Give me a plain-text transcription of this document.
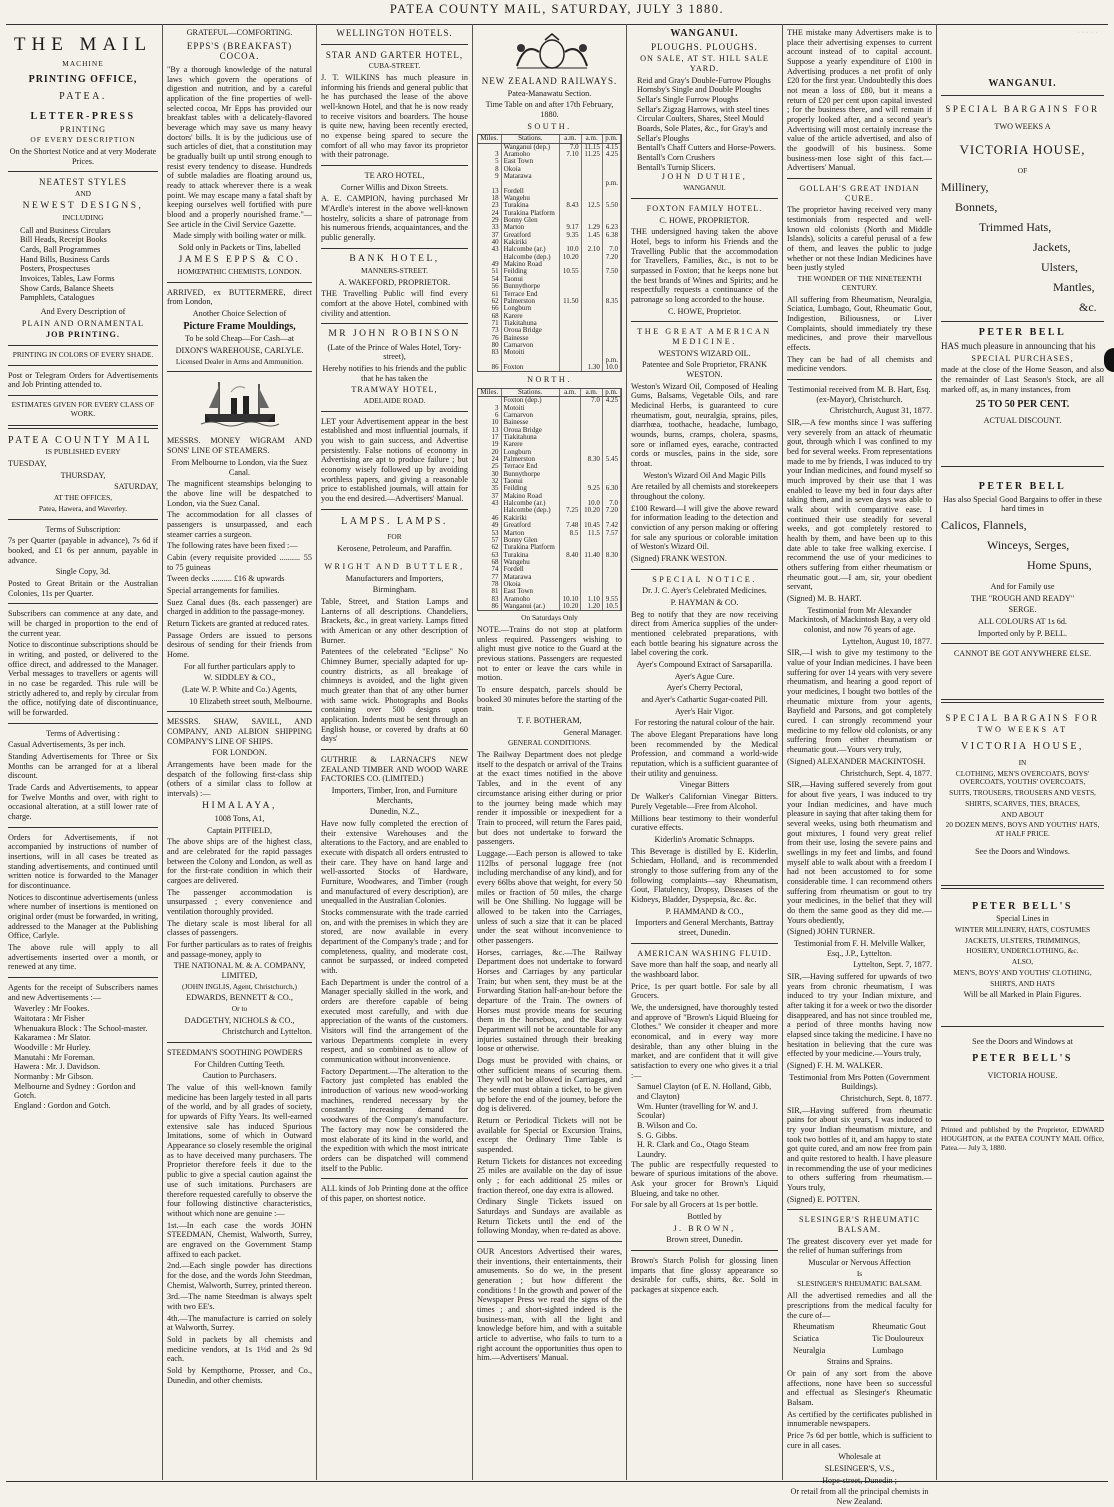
PATEA COUNTY MAIL, SATURDAY, JULY 3 1880.
· · · · ·
THE MAIL

MACHINE

PRINTING OFFICE,

PATEA.

LETTER-PRESS

PRINTING

OF EVERY DESCRIPTION

On the Shortest Notice and at very Moderate Prices.

NEATEST STYLES

AND

NEWEST DESIGNS,

INCLUDING

Call and Business Circulars

Bill Heads, Receipt Books

Cards, Ball Programmes

Hand Bills, Business Cards

Posters, Prospectuses

Invoices, Tables, Law Forms

Show Cards, Balance Sheets

Pamphlets, Catalogues

And Every Description of

PLAIN AND ORNAMENTAL

JOB PRINTING.

PRINTING IN COLORS OF EVERY SHADE.

Post or Telegram Orders for Advertisements and Job Printing attended to.

ESTIMATES GIVEN FOR EVERY CLASS OF WORK.

PATEA COUNTY MAIL

IS PUBLISHED EVERY

TUESDAY,

THURSDAY,

SATURDAY,

AT THE OFFICES,

Patea, Hawera, and Waverley.

Terms of Subscription:

7s per Quarter (payable in advance), 7s 6d if booked, and £1 6s per annum, payable in advance.

Single Copy, 3d.

Posted to Great Britain or the Australian Colonies, 11s per Quarter.

Subscribers can commence at any date, and will be charged in proportion to the end of the current year.

Notice to discontinue subscriptions should be in writing, and posted, or delivered to the office direct, and addressed to the Manager. Verbal messages to travellers or agents will in no case be regarded. This rule will be strictly adhered to, and reply by circular from the office, notifying date of discontinuance, will be forwarded.

Terms of Advertising :

Casual Advertisements, 3s per inch.

Standing Advertisements for Three or Six Months can be arranged for at a liberal discount.

Trade Cards and Advertisements, to appear for Twelve Months and over, with right to occasional alteration, at a still lower rate of charge.

Orders for Advertisements, if not accompanied by instructions of number of insertions, will in all cases be treated as standing advertisements, and continued until written notice is forwarded to the Manager for discontinuance.

Notices to discontinue advertisements (unless where number of insertions is mentioned on original order (must be forwarded, in writing, addressed to the Manager at the Publishing Office, Carlyle.

The above rule will apply to all advertisements inserted over a month, or renewed at any time.

Agents for the receipt of Subscribers names and new Advertisements :—

Waverley : Mr Fookes.

Waitotara : Mr Fisher

Whenuakura Block : The School-master.

Kakaramea : Mr Slator.

Woodville : Mr Hurley.

Manutahi : Mr Foreman.

Hawera : Mr. J. Davidson.

Normanby : Mr Gibson.

Melbourne and Sydney : Gordon and Gotch.

England : Gordon and Gotch.

GRATEFUL—COMFORTING.

EPPS'S (BREAKFAST) COCOA.

"By a thorough knowledge of the natural laws which govern the operations of digestion and nutrition, and by a careful application of the fine properties of well-selected cocoa, Mr Epps has provided our breakfast tables with a delicately-flavored beverage which may save us many heavy doctors' bills. It is by the judicious use of such articles of diet, that a constitution may be gradually built up until strong enough to resist every tendency to disease. Hundreds of subtle maladies are floating around us, ready to attack wherever there is a weak point. We may escape many a fatal shaft by keeping ourselves well fortified with pure blood and a properly nourished frame."—See article in the Civil Service Gazette.

Made simply with boiling water or milk.

Sold only in Packets or Tins, labelled

JAMES EPPS & CO.

HOMŒPATHIC CHEMISTS, LONDON.

ARRIVED, ex BUTTERMERE, direct from London,

Another Choice Selection of

Picture Frame Mouldings,

To be sold Cheap—For Cash—at

DIXON'S WAREHOUSE, CARLYLE.

Licensed Dealer in Arms and Ammunition.

MESSRS. MONEY WIGRAM AND SONS' LINE OF STEAMERS.

From Melbourne to London, via the Suez Canal.

The magnificent steamships belonging to the above line will be despatched to London, via the Suez Canal.

The accommodation for all classes of passengers is unsurpassed, and each steamer carries a surgeon.

The following rates have been fixed :—

Cabin (every requisite provided .......... 55 to 75 guineas

Tween decks .......... £16 & upwards

Special arrangements for families.

Suez Canal dues (8s. each passenger) are charged in addition to the passage-money.

Return Tickets are granted at reduced rates.

Passage Orders are issued to persons desirous of sending for their friends from Home.

For all further particulars apply to

W. SIDDLEY & CO.,

(Late W. P. White and Co.) Agents,

10 Elizabeth street south, Melbourne.

MESSRS. SHAW, SAVILL, AND COMPANY, AND ALBION SHIPPING COMPANY'S LINE OF SHIPS.

FOR LONDON.

Arrangements have been made for the despatch of the following first-class ship (others of a similar class to follow at intervals) :—

HIMALAYA,

1008 Tons, A1,

Captain PITFIELD,

The above ships are of the highest class, and are celebrated for the rapid passages between the Colony and London, as well as for the first-rate condition in which their cargoes are delivered.

The passenger accommodation is unsurpassed ; every convenience and ventilation thoroughly provided.

The dietary scale is most liberal for all classes of passengers.

For further particulars as to rates of freights and passage-money, apply to

THE NATIONAL M. & A. COMPANY, LIMITED,

(JOHN INGLIS, Agent, Christchurch,)

EDWARDS, BENNETT & CO.,

Or to

DADGETHY, NICHOLS & CO.,

Christchurch and Lyttelton.

STEEDMAN'S SOOTHING POWDERS

For Children Cutting Teeth.

Caution to Purchasers.

The value of this well-known family medicine has been largely tested in all parts of the world, and by all grades of society, for upwards of Fifty Years. Its well-earned extensive sale has induced Spurious Imitations, some of which in Outward Appearance so closely resemble the original as to have deceived many purchasers. The Proprietor therefore feels it due to the public to give a special caution against the use of such imitations. Purchasers are therefore requested carefully to observe the four following distinctive characteristics, without which none are genuine :—

1st.—In each case the words JOHN STEEDMAN, Chemist, Walworth, Surrey, are engraved on the Government Stamp affixed to each packet.

2nd.—Each single powder has directions for the dose, and the words John Steedman, Chemist, Walworth, Surrey, printed thereon.

3rd.—The name Steedman is always spelt with two EE's.

4th.—The manufacture is carried on solely at Walworth, Surrey.

Sold in packets by all chemists and medicine vendors, at 1s 1½d and 2s 9d each.

Sold by Kempthorne, Prosser, and Co., Dunedin, and other chemists.

WELLINGTON HOTELS.

STAR AND GARTER HOTEL,

CUBA-STREET.

J. T. WILKINS has much pleasure in informing his friends and general public that he has purchased the lease of the above well-known Hotel, and that he is now ready to receive visitors and boarders. The house is quite new, having been recently erected, no expense being spared to secure the comfort of all who may favor its proprietor with their patronage.

TE ARO HOTEL,

Corner Willis and Dixon Streets.

A. E. CAMPION, having purchased Mr M'Ardle's interest in the above well-known hostelry, solicits a share of patronage from his numerous friends, acquaintances, and the public generally.

BANK HOTEL,

MANNERS-STREET.

A. WAKEFORD, PROPRIETOR.

THE Travelling Public will find every comfort at the above Hotel, combined with civility and attention.

MR JOHN ROBINSON

(Late of the Prince of Wales Hotel, Tory-street),

Hereby notifies to his friends and the public that he has taken the

TRAMWAY HOTEL,

ADELAIDE ROAD.

LET your Advertisement appear in the best established and most influential journals, if you wish to gain success, and Advertise persistently. False notions of economy in Advertising are apt to produce failure ; but economy wisely followed up by avoiding worthless papers, and giving a reasonable price to established journals, will attain for you the end desired.—Advertisers' Manual.

LAMPS. LAMPS.

FOR

Kerosene, Petroleum, and Paraffin.

WRIGHT AND BUTTLER,

Manufacturers and Importers,

Birmingham.

Table, Street, and Station Lamps and Lanterns of all descriptions. Chandeliers, Brackets, &c., in great variety. Lamps fitted with American or any other description of Burner.

Patentees of the celebrated "Eclipse" No Chimney Burner, specially adapted for up-country districts, as all breakage of chimneys is avoided, and the light given much greater than that of any other burner with same wick. Photographs and Books containing over 500 designs upon application. Indents must be sent through an English house, or covered by drafts at 60 days'

GUTHRIE & LARNACH'S NEW ZEALAND TIMBER AND WOOD WARE FACTORIES CO. (LIMITED.)

Importers, Timber, Iron, and Furniture Merchants,

Dunedin, N.Z.,

Have now fully completed the erection of their extensive Warehouses and the alterations to the Factory, and are enabled to execute with dispatch all orders entrusted to their care. They have on hand large and well-assorted Stocks of Hardware, Furniture, Woodwares, and Timber (rough and manufactured of every description), are unequalled in the Australian Colonies.

Stocks commensurate with the trade carried on, and with the premises in which they are stored, are now available in every department of the Company's trade ; and for completeness, quality, and moderate cost, cannot be surpassed, or indeed competed with.

Each Department is under the control of a Manager specially skilled in the work, and orders are therefore capable of being executed most carefully, and with due appreciation of the wants of the customers. Visitors will find the arrangement of the various Departments complete in every respect, and so combined as to allow of communication without inconvenience.

Factory Department.—The alteration to the Factory just completed has enabled the introduction of various new wood-working machines, rendered necessary by the constantly increasing demand for woodwares of the Company's manufacture. The factory may now be considered the most elaborate of its kind in the world, and the expedition with which the most intricate orders can be dispatched will commend itself to the Public.

ALL kinds of Job Printing done at the office of this paper, on shortest notice.

NEW ZEALAND RAILWAYS.

Patea-Manawatu Section.

Time Table on and after 17th February, 1880.

SOUTH.

Miles.	Stations.	a.m.	a.m.	p.m.
	Wanganui (dep.)	7.0	11.15	4.15
3	Aramoho	7.10	11.25	4.25
5	East Town			
8	Okoia			
9	Matarawa			
				p.m.
13	Fordell			
18	Wangehu			
23	Turakina	8.43	12.5	5.50
24	Turakina Platform			
29	Bonny Glen			
33	Marton	9.17	1.29	6.23
37	Greatford	9.35	1.45	6.38
40	Kakiriki			
43	Halcombe (ar.)	10.0	2.10	7.0
	Halcombe (dep.)	10.20		7.20
49	Makino Road			
51	Feilding	10.55		7.50
54	Taonui			
56	Bunnythorpe			
61	Terrace End			
62	Palmerston	11.50		8.35
66	Longburn			
68	Karere			
71	Tiakitahuna			
73	Oroua Bridge			
76	Bainesse			
80	Carnarvon			
83	Motoiti			
				p.m.
86	Foxton		1.30	10.0

NORTH.

Miles.	Stations.	a.m.	a.m.	p.m.
	Foxton (dep.)		7.0	4.25
3	Motoiti			
6	Carnarvon			
10	Bainesse			
13	Oroua Bridge			
17	Tiakitahuna			
19	Karere			
20	Longburn			
24	Palmerston		8.30	5.45
25	Terrace End			
30	Bunnythorpe			
32	Taonui			
35	Feilding		9.25	6.30
37	Makino Road			
43	Halcombe (ar.)		10.0	7.0
	Halcombe (dep.)	7.25	10.20	7.20
46	Kakiriki			
49	Greatford	7.48	10.45	7.42
53	Marton	8.5	11.5	7.57
57	Bonny Glen			
62	Turakina Platform			
63	Turakina	8.40	11.40	8.30
68	Wangehu			
74	Fordell			
77	Matarawa			
78	Okoia			
81	East Town			
83	Aramoho	10.10	1.10	9.55
86	Wanganui (ar.)	10.20	1.20	10.5

On Saturdays Only

NOTE.—Trains do not stop at platform unless required. Passengers wishing to alight must give notice to the Guard at the previous stations. Passengers are requested not to enter or leave the cars while in motion.

To ensure despatch, parcels should be booked 30 minutes before the starting of the train.

T. F. BOTHERAM,

General Manager.

GENERAL CONDITIONS.

The Railway Department does not pledge itself to the despatch or arrival of the Trains at the exact times notified in the above Tables, and in the event of any circumstance arising either during or prior to the journey being made which may render it impossible or inexpedient for a Train to proceed, will return the Fares paid, but does not undertake to forward the passengers.

Luggage.—Each person is allowed to take 112lbs of personal luggage free (not including merchandise of any kind), and for every 66lbs above that weight, for every 50 miles or fraction of 50 miles, the charge will be One Shilling. No luggage will be allowed to be taken into the Carriages, unless of such a size that it can be placed under the seat without inconvenience to other passengers.

Horses, carriages, &c.—The Railway Department does not undertake to forward Horses and Carriages by any particular Train; but when sent, they must be at the Forwarding Station half-an-hour before the departure of the Train. The owners of Horses must provide means for securing them in the horsebox, and the Railway Department will not be accountable for any injuries sustained through their breaking loose or otherwise.

Dogs must be provided with chains, or other sufficient means of securing them. They will not be allowed in Carriages, and the sender must obtain a ticket, to be given up before the end of the journey, before the dog is delivered.

Return or Periodical Tickets will not be available for Special or Excursion Trains, except the Ordinary Time Table is suspended.

Return Tickets for distances not exceeding 25 miles are available on the day of issue only ; for each additional 25 miles or fraction thereof, one day extra is allowed.

Ordinary Single Tickets issued on Saturdays and Sundays are available as Return Tickets until the end of the following Monday, when re-dated as above.

OUR Ancestors Advertised their wares, their inventions, their entertainments, their amusements. So do we, in the present generation ; but how different the conditions ! In the growth and power of the Newspaper Press we read the signs of the times ; and short-sighted indeed is the business-man, with all the light and knowledge before him, and with a suitable article to advertise, who fails to turn to a right account the opportunities thus open to him.—Advertisers' Manual.

WANGANUI.

PLOUGHS. PLOUGHS.

ON SALE, AT ST. HILL SALE YARD.

Reid and Gray's Double-Furrow Ploughs

Hornsby's Single and Double Ploughs

Sellar's Single Furrow Ploughs

Sellar's Zigzag Harrows, with steel tines

Circular Coulters, Shares, Steel Mould Boards, Sole Plates, &c., for Gray's and Sellar's Ploughs

Bentall's Chaff Cutters and Horse-Powers.

Bentall's Corn Crushers

Bentall's Turnip Slicers.

JOHN DUTHIE,

WANGANUI.

FOXTON FAMILY HOTEL.

C. HOWE, PROPRIETOR.

THE undersigned having taken the above Hotel, begs to inform his Friends and the Travelling Public that the accommodation for Travellers, Families, &c., is not to be surpassed in Foxton; that he keeps none but the best brands of Wines and Spirits; and he respectfully requests a continuance of the patronage so long accorded to the house.

C. HOWE, Proprietor.

THE GREAT AMERICAN MEDICINE.

WESTON'S WIZARD OIL.

Patentee and Sole Proprietor, FRANK WESTON.

Weston's Wizard Oil, Composed of Healing Gums, Balsams, Vegetable Oils, and rare Medicinal Herbs, is guaranteed to cure rheumatism, gout, neuralgia, sprains, piles, diarrhœa, toothache, headache, lumbago, wounds, burns, cramps, cholera, spasms, sore or inflamed eyes, earache, contracted cords or muscles, pains in the side, sore throat.

Weston's Wizard Oil And Magic Pills

Are retailed by all chemists and storekeepers throughout the colony.

£100 Reward—I will give the above reward for information leading to the detection and conviction of any person making or offering for sale any spurious or colorable imitation of Weston's Wizard Oil.

(Signed) FRANK WESTON.

SPECIAL NOTICE.

Dr. J. C. Ayer's Celebrated Medicines.

P. HAYMAN & CO.

Beg to notify that they are now receiving direct from America supplies of the under-mentioned celebrated preparations, with each bottle bearing his signature across the label covering the cork.

Ayer's Compound Extract of Sarsaparilla.

Ayer's Ague Cure.

Ayer's Cherry Pectoral,

and Ayer's Cathartic Sugar-coated Pill.

Ayer's Hair Vigor.

For restoring the natural colour of the hair.

The above Elegant Preparations have long been recommended by the Medical Profession, and command a world-wide reputation, which is a sufficient guarantee of their utility and genuiness.

Vinegar Bitters

Dr Walker's Californian Vinegar Bitters. Purely Vegetable—Free from Alcohol.

Millions bear testimony to their wonderful curative effects.

Kiderlin's Aromatic Schnapps.

This Beverage is distilled by E. Kiderlin, Schiedam, Holland, and is recommended strongly to those suffering from any of the following complaints—say Rheumatism, Gout, Flatulency, Dropsy, Diseases of the Kidneys, Bladder, Dyspepsia, &c. &c.

P. HAMMAND & CO.,

Importers and General Merchants, Battray street, Dunedin.

AMERICAN WASHING FLUID.

Save more than half the soap, and nearly all the washboard labor.

Price, 1s per quart bottle. For sale by all Grocers.

We, the undersigned, have thoroughly tested and approve of "Brown's Liquid Blueing for Clothes." We consider it cheaper and more economical, and in every way more desirable, than any other bluing in the market, and are confident that it will give satisfaction to every one who gives it a trial :—

Samuel Clayton (of E. N. Holland, Gibb, and Clayton)

Wm. Hunter (travelling for W. and J. Scoular)

B. Wilson and Co.

S. G. Gibbs.

H. R. Clark and Co., Otago Steam Laundry.

The public are respectfully requested to beware of spurious imitations of the above. Ask your grocer for Brown's Liquid Blueing, and take no other.

For sale by all Grocers at 1s per bottle.

Bottled by

J. BROWN,

Brown street, Dunedin.

Brown's Starch Polish for glossing linen imparts that fine glossy appearance so desirable for cuffs, shirts, &c. Sold in packages at sixpence each.

THE mistake many Advertisers make is to place their advertising expenses to current account instead of to capital account. Suppose a yearly expenditure of £100 in Advertising produces a net profit of only £20 for the first year. Undoubtedly this does not mean a loss of £80, but it means a return of £20 per cent upon capital invested ; for the business there, and will remain if properly looked after, and a second year's Advertising will most certainly increase the value of the article advertised, and also of the goodwill of his business. Some business-men lose sight of this fact.—Advertisers' Manual.

GOLLAH'S GREAT INDIAN CURE.

The proprietor having received very many testimonials from respected and well-known old colonists (North and Middle Islands), solicits a careful perusal of a few of them, and leaves the public to judge whether or not these Indian Medicines have been justly styled

THE WONDER OF THE NINETEENTH CENTURY.

All suffering from Rheumatism, Neuralgia, Sciatica, Lumbago, Gout, Rheumatic Gout, Indigestion, Biliousness, or Liver Complaints, should immediately try these medicines, and prove their marvellous effects.

They can be had of all chemists and medicine vendors.

Testimonial received from M. B. Hart, Esq. (ex-Mayor), Christchurch.

Christchurch, August 31, 1877.

SIR,—A few months since I was suffering very severely from an attack of rheumatic gout, through which I was confined to my bed for several weeks. From representations made to me by friends, I was induced to try your Indian medicines, and found myself so much improved by their use that I was enabled to leave my bed in four days after taking them, and in seven days was able to walk about with comparative ease. I continued their use steadily for several weeks, and got completely restored to health by them, and have been up to this date able to take free walking exercise. I recommend the use of your medicines to others suffering from either rheumatism or rheumatic gout.—I am, sir, your obedient servant,

(Signed) M. B. HART.

Testimonial from Mr Alexander Mackintosh, of Mackintosh Bay, a very old colonist, and now 76 years of age.

Lyttelton, August 10, 1877.

SIR,—I wish to give my testimony to the value of your Indian medicines. I have been suffering for over 14 years with very severe rheumatism, and hearing a good report of your medicines, I bought two bottles of the rheumatic mixture from your agents, Bayfield and Parsons, and got completely cured. I can strongly recommend your medicine to my fellow old colonists, or any suffering from either rheumatism or rheumatic gout.—Yours very truly,

(Signed) ALEXANDER MACKINTOSH.

Christchurch, Sept. 4, 1877.

SIR,—Having suffered severely from gout for about five years, I was induced to try your Indian medicines, and have much pleasure in saying that after taking them for several weeks, using both rheumatism and gout mixtures, I found very great relief from their use, losing the severe pains and swellings in my feet and limbs, and found myself able to walk about with a freedom I had not been accustomed to for some considerable time. I can recommend others suffering from rheumatism or gout to try your medicines, in the belief that they will do them the same good as they did me.—Yours obediently,

(Signed) JOHN TURNER.

Testimonial from F. H. Melville Walker, Esq., J.P., Lyttelton.

Lyttelton, Sept. 7, 1877.

SIR,—Having suffered for upwards of two years from chronic rheumatism, I was induced to try your Indian mixture, and after taking it for a week or two the disorder disappeared, and has not since troubled me, a period of three months having now elapsed since taking the medicine. I have no hesitation in believing that the cure was effected by your medicine.—Yours truly,

(Signed) F. H. M. WALKER.

Testimonial from Mrs Potten (Government Buildings).

Christchurch, Sept. 8, 1877.

SIR,—Having suffered from rheumatic pains for about six years, I was induced to try your Indian rheumatism mixture, and took two bottles of it, and am happy to state got quite cured, and am now free from pain and quite restored to health. I have pleasure in recommending the use of your medicines to others suffering from rheumatism.—Yours truly,

(Signed) E. POTTEN.

SLESINGER'S RHEUMATIC BALSAM.

The greatest discovery ever yet made for the relief of human sufferings from

Muscular or Nervous Affection

Is

SLESINGER'S RHEUMATIC BALSAM.

All the advertised remedies and all the prescriptions from the medical faculty for the cure of—

Rheumatism

Sciatica

Neuralgia

Rheumatic Gout

Tic Douloureux

Lumbago

Strains and Sprains.

Or pain of any sort from the above affections, none have been so successful and effectual as Slesinger's Rheumatic Balsam.

As certified by the certificates published in innumerable newspapers.

Price 7s 6d per bottle, which is sufficient to cure in all cases.

Wholesale at

SLESINGER'S, V.S.,

Hope-street, Dunedin ;

Or retail from all the principal chemists in New Zealand.

WANGANUI.

SPECIAL BARGAINS FOR

TWO WEEKS A

VICTORIA HOUSE,

OF

Millinery,

Bonnets,

Trimmed Hats,

Jackets,

Ulsters,

Mantles,

&c.

PETER BELL

HAS much pleasure in announcing that his

SPECIAL PURCHASES,

made at the close of the Home Season, and also the remainder of Last Season's Stock, are all marked off, as, in many instances, from

25 TO 50 PER CENT.

ACTUAL DISCOUNT.

PETER BELL

Has also Special Good Bargains to offer in these hard times in

Calicos, Flannels,

Winceys, Serges,

Home Spuns,

And for Family use

THE "ROUGH AND READY"

SERGE.

ALL COLOURS AT 1s 6d.

Imported only by P. BELL.

CANNOT BE GOT ANYWHERE ELSE.

SPECIAL BARGAINS FOR

TWO WEEKS AT

VICTORIA HOUSE,

IN

CLOTHING, MEN'S OVERCOATS, BOYS' OVERCOATS, YOUTHS' OVERCOATS,

SUITS, TROUSERS, TROUSERS AND VESTS,

SHIRTS, SCARVES, TIES, BRACES,

AND ABOUT

20 DOZEN MEN'S, BOYS AND YOUTHS' HATS, AT HALF PRICE.

See the Doors and Windows.

PETER BELL'S

Special Lines in

WINTER MILLINERY, HATS, COSTUMES

JACKETS, ULSTERS, TRIMMINGS,

HOSIERY, UNDERCLOTHING, &c.

ALSO,

MEN'S, BOYS' AND YOUTHS' CLOTHING,

SHIRTS, AND HATS

Will be all Marked in Plain Figures.

See the Doors and Windows at

PETER BELL'S

VICTORIA HOUSE.

Printed and published by the Proprietor, EDWARD HOUGHTON, at the PATEA COUNTY MAIL Office, Patea.— July 3, 1880.
